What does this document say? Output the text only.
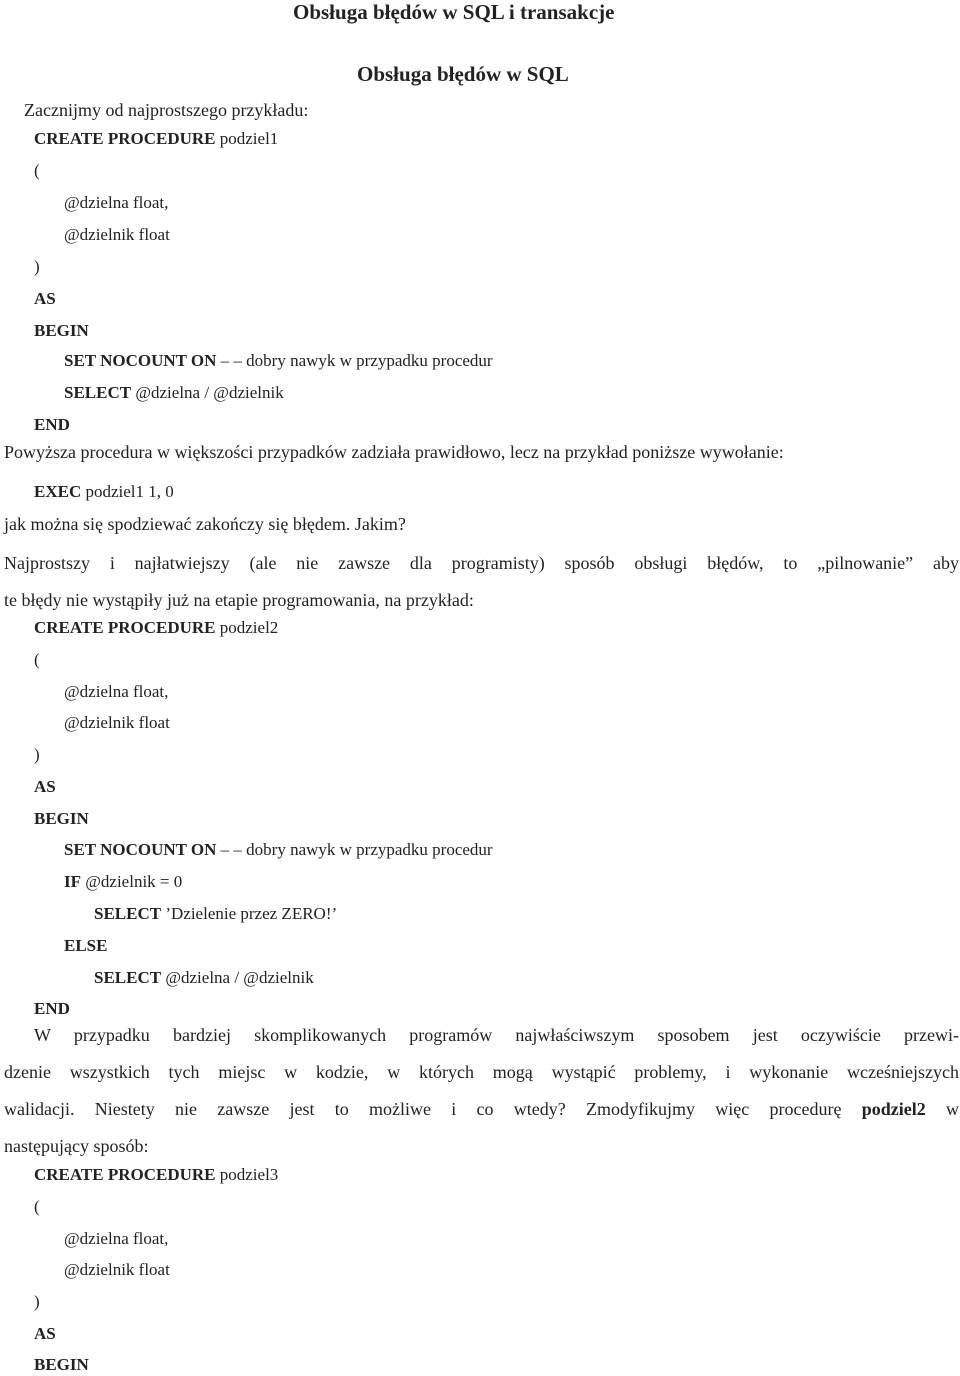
Obsługa błędów w SQL i transakcje
Obsługa błędów w SQL
Zacznijmy od najprostszego przykładu:
CREATE PROCEDURE podziel1
(
@dzielna float,
@dzielnik float
)
AS
BEGIN
SET NOCOUNT ON – – dobry nawyk w przypadku procedur
SELECT @dzielna / @dzielnik
END
Powyższa procedura w większości przypadków zadziała prawidłowo, lecz na przykład poniższe wywołanie:
EXEC podziel1 1, 0
jak można się spodziewać zakończy się błędem. Jakim?
Najprostszy i najłatwiejszy (ale nie zawsze dla programisty) sposób obsługi błędów, to „pilnowanie” aby
te błędy nie wystąpiły już na etapie programowania, na przykład:
CREATE PROCEDURE podziel2
(
@dzielna float,
@dzielnik float
)
AS
BEGIN
SET NOCOUNT ON – – dobry nawyk w przypadku procedur
IF @dzielnik = 0
SELECT ’Dzielenie przez ZERO!’
ELSE
SELECT @dzielna / @dzielnik
END
W przypadku bardziej skomplikowanych programów najwłaściwszym sposobem jest oczywiście przewi-
dzenie wszystkich tych miejsc w kodzie, w których mogą wystąpić problemy, i wykonanie wcześniejszych
walidacji. Niestety nie zawsze jest to możliwe i co wtedy? Zmodyfikujmy więc procedurę podziel2 w
następujący sposób:
CREATE PROCEDURE podziel3
(
@dzielna float,
@dzielnik float
)
AS
BEGIN
